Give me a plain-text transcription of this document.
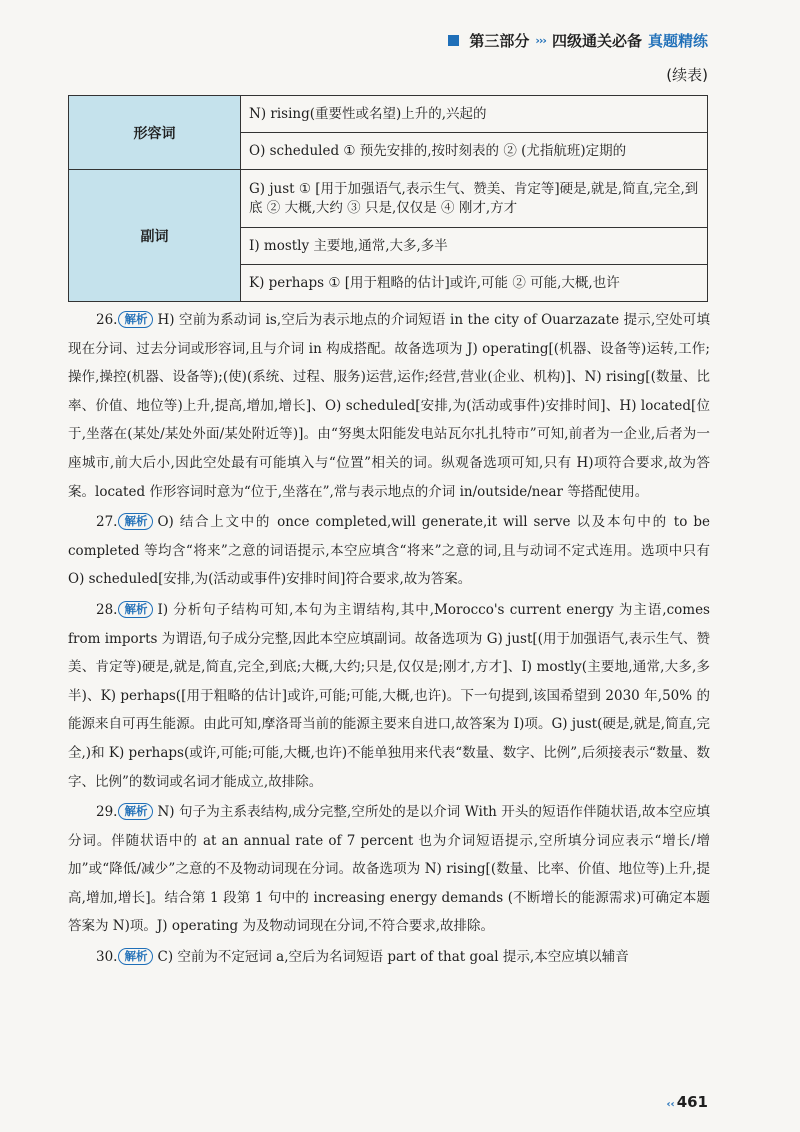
第三部分 ››› 四级通关必备 真题精练
(续表)
形容词	N) rising(重要性或名望)上升的,兴起的
	O) scheduled ① 预先安排的,按时刻表的 ② (尤指航班)定期的
副词	G) just ① [用于加强语气,表示生气、赞美、肯定等]硬是,就是,简直,完全,到底 ② 大概,大约 ③ 只是,仅仅是 ④ 刚才,方才
	I) mostly 主要地,通常,大多,多半
	K) perhaps ① [用于粗略的估计]或许,可能 ② 可能,大概,也许

26. 解析 H) 空前为系动词 is,空后为表示地点的介词短语 in the city of Ouarzazate 提示,空处可填现在分词、过去分词或形容词,且与介词 in 构成搭配。故备选项为 J) operating[(机器、设备等)运转,工作;操作,操控(机器、设备等);(使)(系统、过程、服务)运营,运作;经营,营业(企业、机构)]、N) rising[(数量、比率、价值、地位等)上升,提高,增加,增长]、O) scheduled[安排,为(活动或事件)安排时间]、H) located[位于,坐落在(某处/某处外面/某处附近等)]。由“努奥太阳能发电站瓦尔扎扎特市”可知,前者为一企业,后者为一座城市,前大后小,因此空处最有可能填入与“位置”相关的词。纵观备选项可知,只有 H)项符合要求,故为答案。located 作形容词时意为“位于,坐落在”,常与表示地点的介词 in/outside/near 等搭配使用。

27. 解析 O) 结合上文中的 once completed,will generate,it will serve 以及本句中的 to be completed 等均含“将来”之意的词语提示,本空应填含“将来”之意的词,且与动词不定式连用。选项中只有 O) scheduled[安排,为(活动或事件)安排时间]符合要求,故为答案。

28. 解析 I) 分析句子结构可知,本句为主谓结构,其中,Morocco's current energy 为主语,comes from imports 为谓语,句子成分完整,因此本空应填副词。故备选项为 G) just[(用于加强语气,表示生气、赞美、肯定等)硬是,就是,简直,完全,到底;大概,大约;只是,仅仅是;刚才,方才]、I) mostly(主要地,通常,大多,多半)、K) perhaps([用于粗略的估计]或许,可能;可能,大概,也许)。下一句提到,该国希望到 2030 年,50% 的能源来自可再生能源。由此可知,摩洛哥当前的能源主要来自进口,故答案为 I)项。G) just(硬是,就是,简直,完全,)和 K) perhaps(或许,可能;可能,大概,也许)不能单独用来代表“数量、数字、比例”,后须接表示“数量、数字、比例”的数词或名词才能成立,故排除。

29. 解析 N) 句子为主系表结构,成分完整,空所处的是以介词 With 开头的短语作伴随状语,故本空应填分词。伴随状语中的 at an annual rate of 7 percent 也为介词短语提示,空所填分词应表示“增长/增加”或“降低/减少”之意的不及物动词现在分词。故备选项为 N) rising[(数量、比率、价值、地位等)上升,提高,增加,增长]。结合第 1 段第 1 句中的 increasing energy demands (不断增长的能源需求)可确定本题答案为 N)项。J) operating 为及物动词现在分词,不符合要求,故排除。

30. 解析 C) 空前为不定冠词 a,空后为名词短语 part of that goal 提示,本空应填以辅音

‹‹ 461
